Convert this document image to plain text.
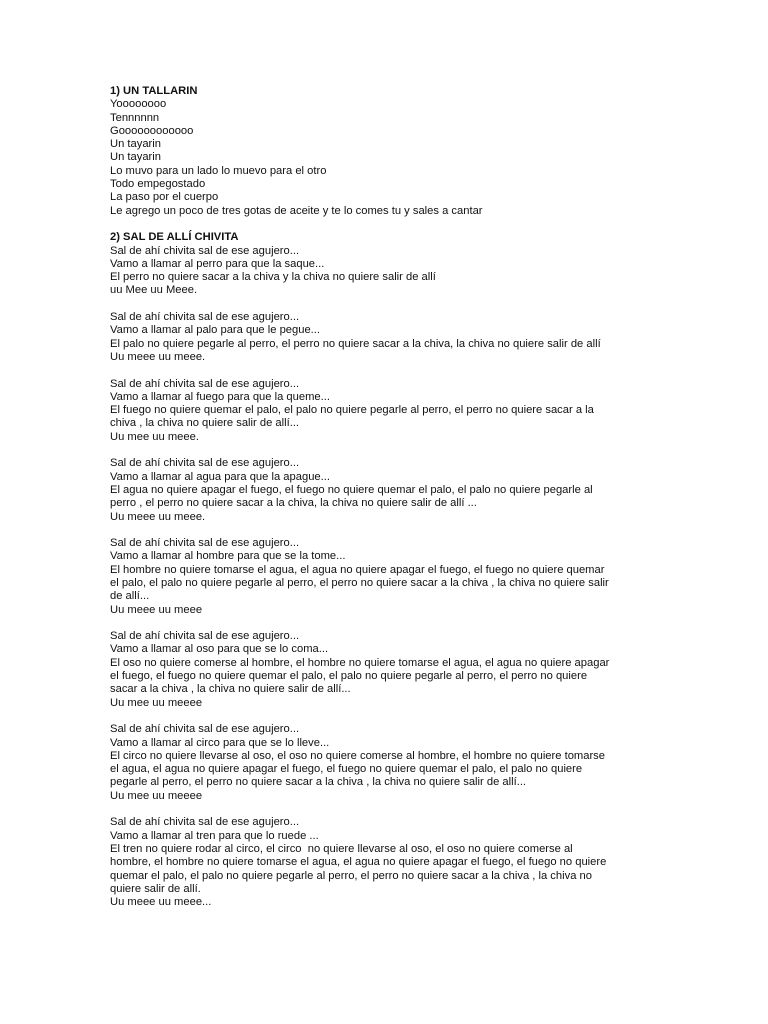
1) UN TALLARIN
Yoooooooo
Tennnnnn
Goooooooooooo
Un tayarin
Un tayarin
Lo muvo para un lado lo muevo para el otro
Todo empegostado
La paso por el cuerpo
Le agrego un poco de tres gotas de aceite y te lo comes tu y sales a cantar
2) SAL DE ALLÍ CHIVITA
Sal de ahí chivita sal de ese agujero...
Vamo a llamar al perro para que la saque...
El perro no quiere sacar a la chiva y la chiva no quiere salir de allí
uu Mee uu Meee.
Sal de ahí chivita sal de ese agujero...
Vamo a llamar al palo para que le pegue...
El palo no quiere pegarle al perro, el perro no quiere sacar a la chiva, la chiva no quiere salir de allí
Uu meee uu meee.
Sal de ahí chivita sal de ese agujero...
Vamo a llamar al fuego para que la queme...
El fuego no quiere quemar el palo, el palo no quiere pegarle al perro, el perro no quiere sacar a la
chiva , la chiva no quiere salir de allí...
Uu mee uu meee.
Sal de ahí chivita sal de ese agujero...
Vamo a llamar al agua para que la apague...
El agua no quiere apagar el fuego, el fuego no quiere quemar el palo, el palo no quiere pegarle al
perro , el perro no quiere sacar a la chiva, la chiva no quiere salir de allí ...
Uu meee uu meee.
Sal de ahí chivita sal de ese agujero...
Vamo a llamar al hombre para que se la tome...
El hombre no quiere tomarse el agua, el agua no quiere apagar el fuego, el fuego no quiere quemar
el palo, el palo no quiere pegarle al perro, el perro no quiere sacar a la chiva , la chiva no quiere salir
de allí...
Uu meee uu meee
Sal de ahí chivita sal de ese agujero...
Vamo a llamar al oso para que se lo coma...
El oso no quiere comerse al hombre, el hombre no quiere tomarse el agua, el agua no quiere apagar
el fuego, el fuego no quiere quemar el palo, el palo no quiere pegarle al perro, el perro no quiere
sacar a la chiva , la chiva no quiere salir de allí...
Uu mee uu meeee
Sal de ahí chivita sal de ese agujero...
Vamo a llamar al circo para que se lo lleve...
El circo no quiere llevarse al oso, el oso no quiere comerse al hombre, el hombre no quiere tomarse
el agua, el agua no quiere apagar el fuego, el fuego no quiere quemar el palo, el palo no quiere
pegarle al perro, el perro no quiere sacar a la chiva , la chiva no quiere salir de allí...
Uu mee uu meeee
Sal de ahí chivita sal de ese agujero...
Vamo a llamar al tren para que lo ruede ...
El tren no quiere rodar al circo, el circo  no quiere llevarse al oso, el oso no quiere comerse al
hombre, el hombre no quiere tomarse el agua, el agua no quiere apagar el fuego, el fuego no quiere
quemar el palo, el palo no quiere pegarle al perro, el perro no quiere sacar a la chiva , la chiva no
quiere salir de allí.
Uu meee uu meee...
